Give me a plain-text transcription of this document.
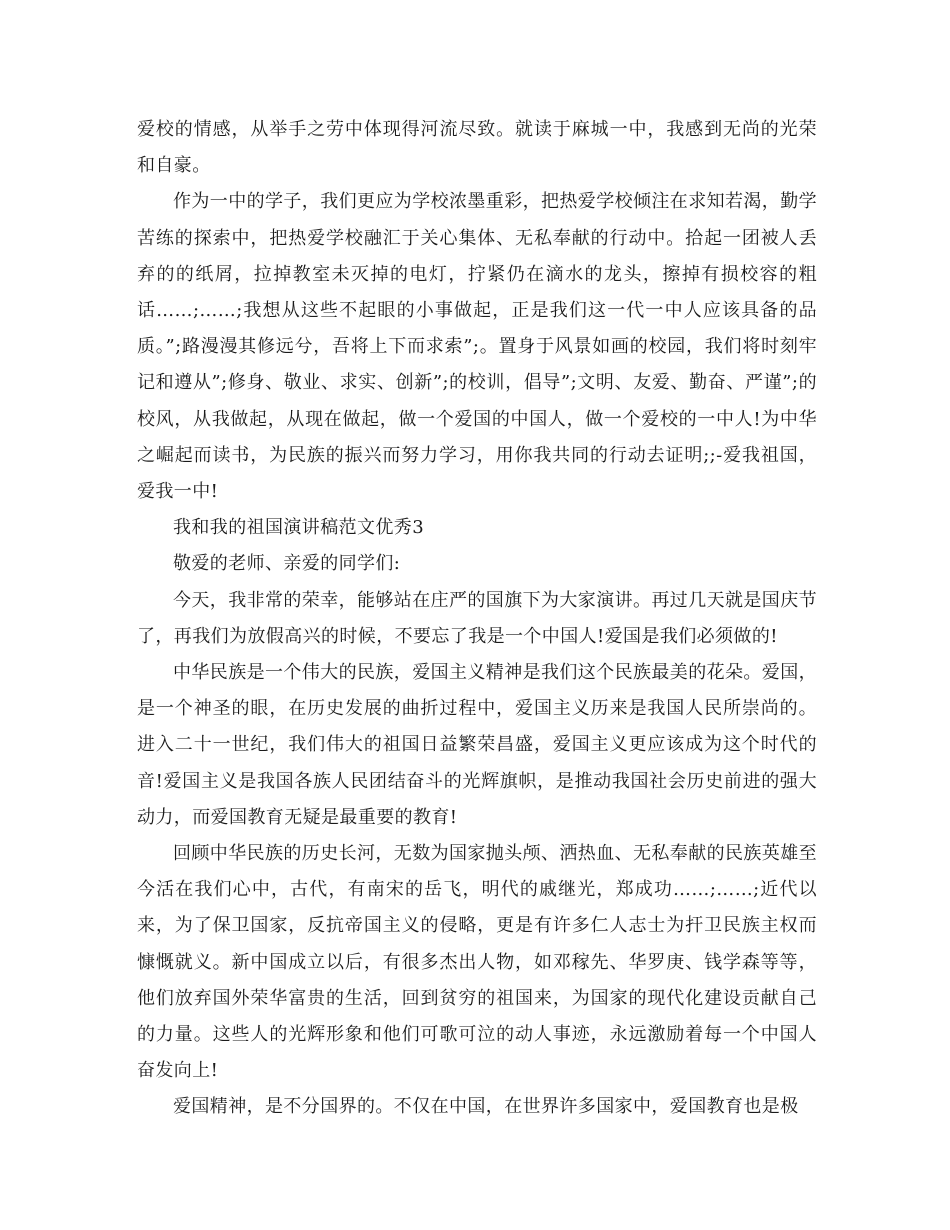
爱校的情感，从举手之劳中体现得河流尽致。就读于麻城一中，我感到无尚的光荣和自豪。

作为一中的学子，我们更应为学校浓墨重彩，把热爱学校倾注在求知若渴，勤学苦练的探索中，把热爱学校融汇于关心集体、无私奉献的行动中。拾起一团被人丢弃的的纸屑，拉掉教室未灭掉的电灯，拧紧仍在滴水的龙头，擦掉有损校容的粗话……;……;我想从这些不起眼的小事做起，正是我们这一代一中人应该具备的品质。”;路漫漫其修远兮，吾将上下而求索”;。置身于风景如画的校园，我们将时刻牢记和遵从”;修身、敬业、求实、创新”;的校训，倡导”;文明、友爱、勤奋、严谨”;的校风，从我做起，从现在做起，做一个爱国的中国人，做一个爱校的一中人!为中华之崛起而读书，为民族的振兴而努力学习，用你我共同的行动去证明;;-爱我祖国，爱我一中!

我和我的祖国演讲稿范文优秀3

敬爱的老师、亲爱的同学们:

今天，我非常的荣幸，能够站在庄严的国旗下为大家演讲。再过几天就是国庆节了，再我们为放假高兴的时候，不要忘了我是一个中国人!爱国是我们必须做的!

中华民族是一个伟大的民族，爱国主义精神是我们这个民族最美的花朵。爱国，是一个神圣的眼，在历史发展的曲折过程中，爱国主义历来是我国人民所崇尚的。进入二十一世纪，我们伟大的祖国日益繁荣昌盛，爱国主义更应该成为这个时代的音!爱国主义是我国各族人民团结奋斗的光辉旗帜，是推动我国社会历史前进的强大动力，而爱国教育无疑是最重要的教育!

回顾中华民族的历史长河，无数为国家抛头颅、洒热血、无私奉献的民族英雄至今活在我们心中，古代，有南宋的岳飞，明代的戚继光，郑成功……;……;近代以来，为了保卫国家，反抗帝国主义的侵略，更是有许多仁人志士为扞卫民族主权而慷慨就义。新中国成立以后，有很多杰出人物，如邓稼先、华罗庚、钱学森等等，他们放弃国外荣华富贵的生活，回到贫穷的祖国来，为国家的现代化建设贡献自己的力量。这些人的光辉形象和他们可歌可泣的动人事迹，永远激励着每一个中国人奋发向上!

爱国精神，是不分国界的。不仅在中国，在世界许多国家中，爱国教育也是极
